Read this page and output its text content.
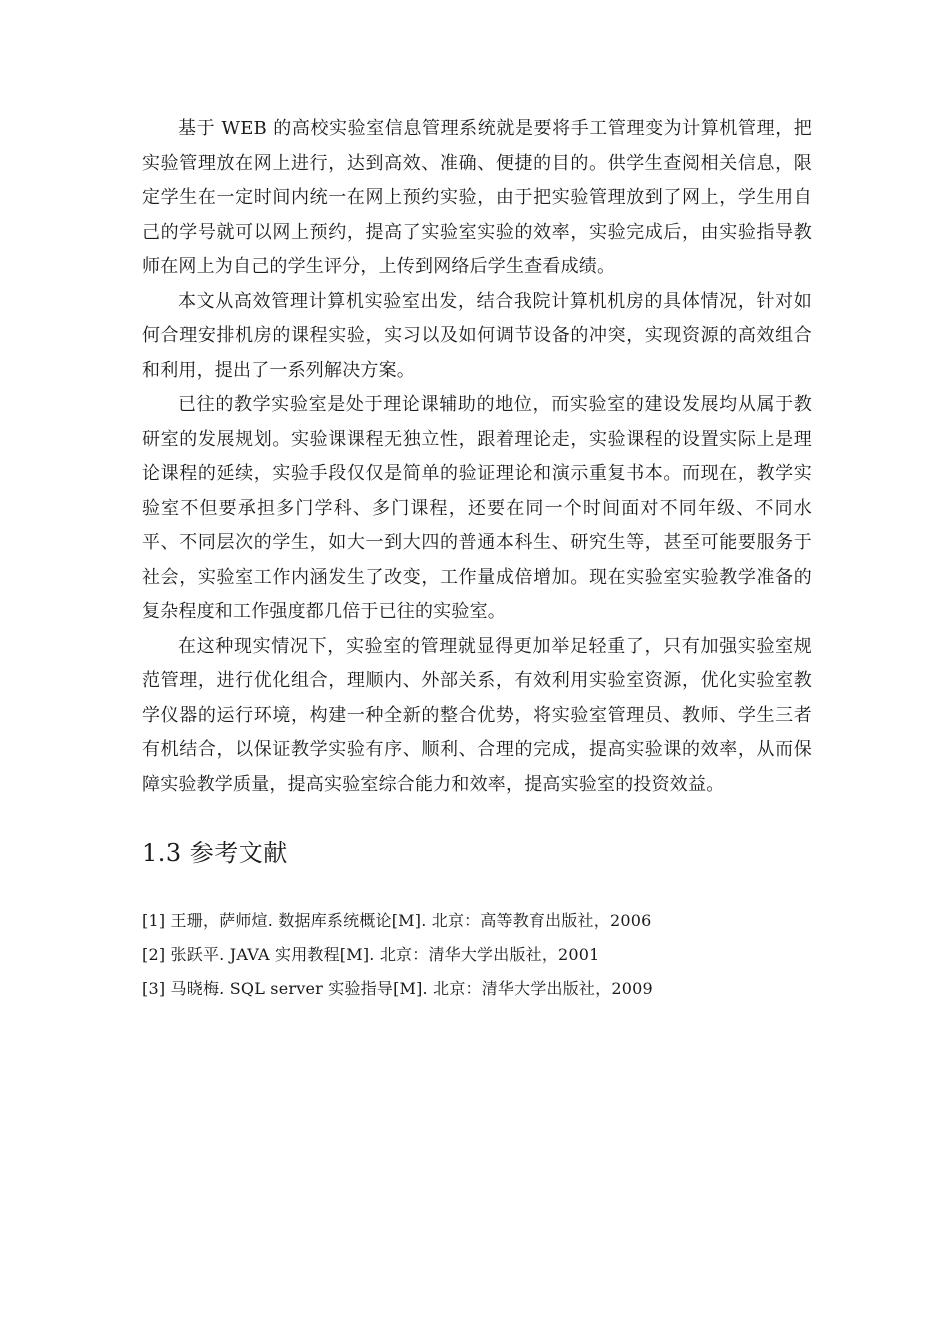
基于 WEB 的高校实验室信息管理系统就是要将手工管理变为计算机管理，把实验管理放在网上进行，达到高效、准确、便捷的目的。供学生查阅相关信息，限定学生在一定时间内统一在网上预约实验，由于把实验管理放到了网上，学生用自己的学号就可以网上预约，提高了实验室实验的效率，实验完成后，由实验指导教师在网上为自己的学生评分，上传到网络后学生查看成绩。

本文从高效管理计算机实验室出发，结合我院计算机机房的具体情况，针对如何合理安排机房的课程实验，实习以及如何调节设备的冲突，实现资源的高效组合和利用，提出了一系列解决方案。

已往的教学实验室是处于理论课辅助的地位，而实验室的建设发展均从属于教研室的发展规划。实验课课程无独立性，跟着理论走，实验课程的设置实际上是理论课程的延续，实验手段仅仅是简单的验证理论和演示重复书本。而现在，教学实验室不但要承担多门学科、多门课程，还要在同一个时间面对不同年级、不同水平、不同层次的学生，如大一到大四的普通本科生、研究生等，甚至可能要服务于社会，实验室工作内涵发生了改变，工作量成倍增加。现在实验室实验教学准备的复杂程度和工作强度都几倍于已往的实验室。

在这种现实情况下，实验室的管理就显得更加举足轻重了，只有加强实验室规范管理，进行优化组合，理顺内、外部关系，有效利用实验室资源，优化实验室教学仪器的运行环境，构建一种全新的整合优势，将实验室管理员、教师、学生三者有机结合，以保证教学实验有序、顺利、合理的完成，提高实验课的效率，从而保障实验教学质量，提高实验室综合能力和效率，提高实验室的投资效益。

1.3 参考文献
[1] 王珊，萨师煊. 数据库系统概论[M]. 北京：高等教育出版社，2006
[2] 张跃平. JAVA 实用教程[M]. 北京：清华大学出版社，2001
[3] 马晓梅. SQL server 实验指导[M]. 北京：清华大学出版社，2009
